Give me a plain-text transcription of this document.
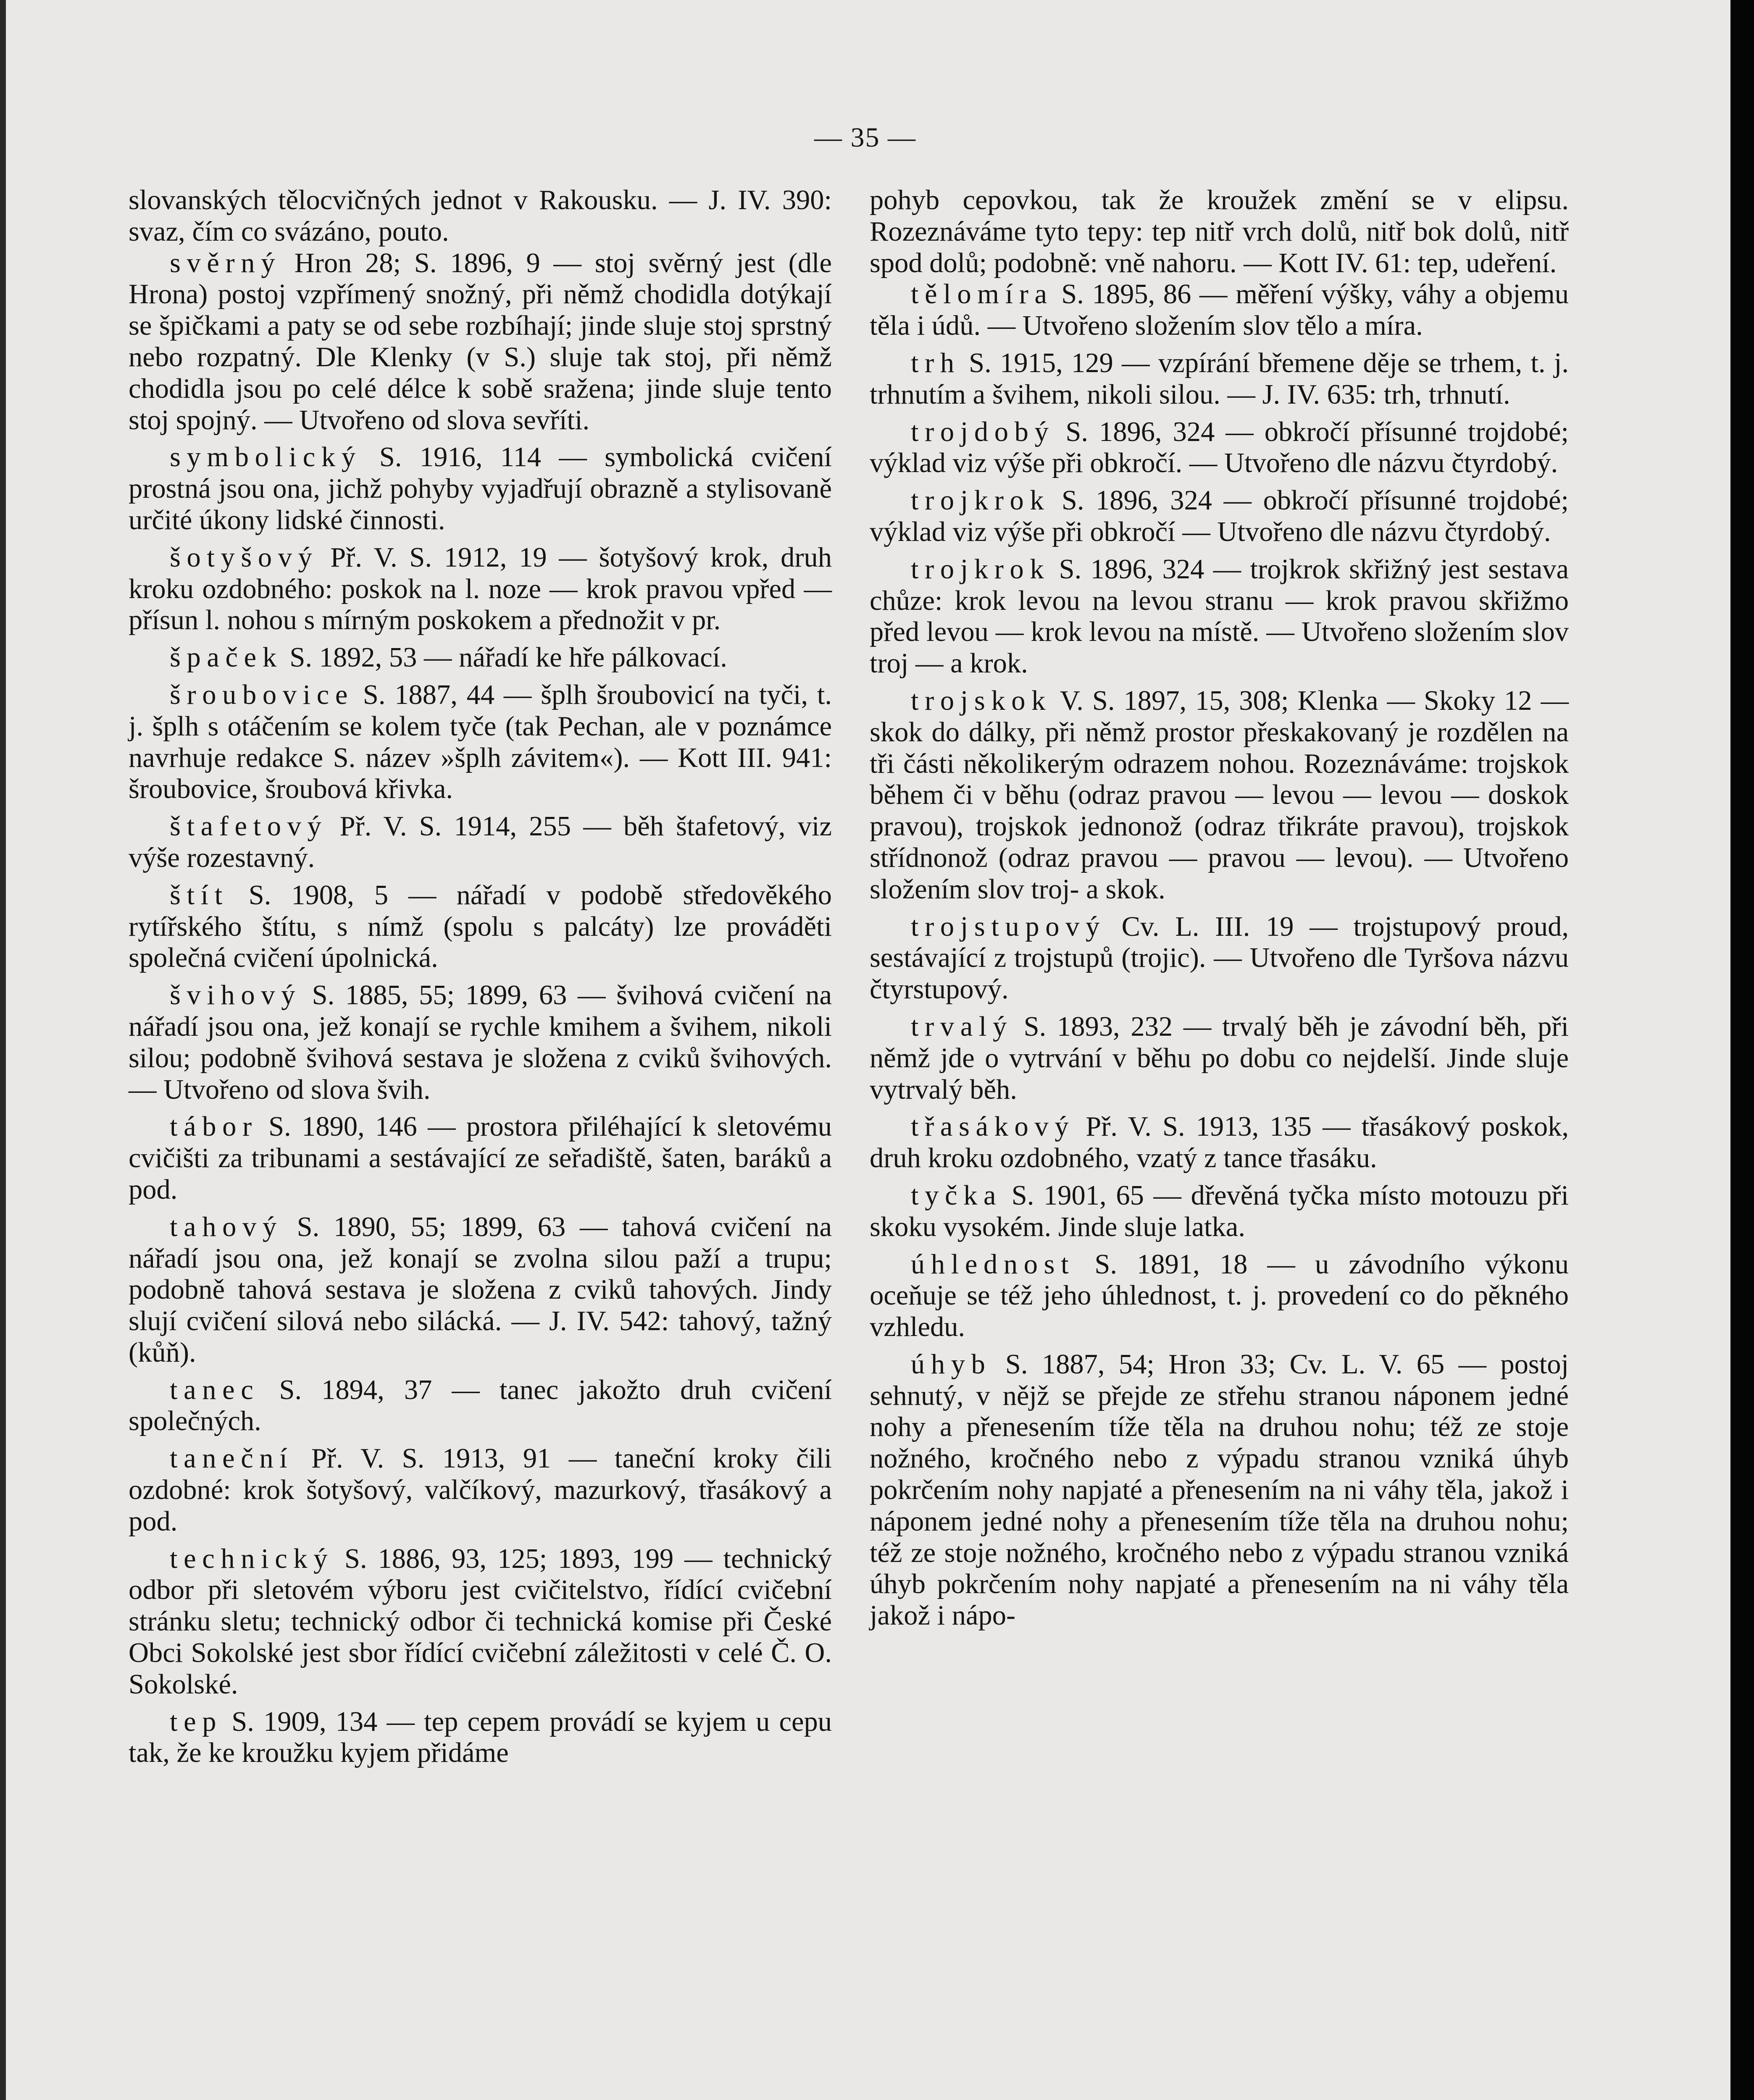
— 35 —

slovanských tělocvičných jednot v Rakousku. — J. IV. 390: svaz, čím co svázáno, pouto.

svěrný Hron 28; S. 1896, 9 — stoj svěrný jest (dle Hrona) postoj vzpřímený snožný, při němž chodidla dotýkají se špičkami a paty se od sebe rozbíhají; jinde sluje stoj sprstný nebo rozpatný. Dle Klenky (v S.) sluje tak stoj, při němž chodidla jsou po celé délce k sobě sražena; jinde sluje tento stoj spojný. — Utvořeno od slova sevříti.

symbolický S. 1916, 114 — symbolická cvičení prostná jsou ona, jichž pohyby vyjadřují obrazně a stylisovaně určité úkony lidské činnosti.

šotyšový Př. V. S. 1912, 19 — šotyšový krok, druh kroku ozdobného: poskok na l. noze — krok pravou vpřed — přísun l. nohou s mírným poskokem a přednožit v pr.

špaček S. 1892, 53 — nářadí ke hře pálkovací.

šroubovice S. 1887, 44 — šplh šroubovicí na tyči, t. j. šplh s otáčením se kolem tyče (tak Pechan, ale v poznámce navrhuje redakce S. název »šplh závitem«). — Kott III. 941: šroubovice, šroubová křivka.

štafetový Př. V. S. 1914, 255 — běh štafetový, viz výše rozestavný.

štít S. 1908, 5 — nářadí v podobě středověkého rytířského štítu, s nímž (spolu s palcáty) lze prováděti společná cvičení úpolnická.

švihový S. 1885, 55; 1899, 63 — švihová cvičení na nářadí jsou ona, jež konají se rychle kmihem a švihem, nikoli silou; podobně švihová sestava je složena z cviků švihových. — Utvořeno od slova švih.

tábor S. 1890, 146 — prostora přiléhající k sletovému cvičišti za tribunami a sestávající ze seřadiště, šaten, baráků a pod.

tahový S. 1890, 55; 1899, 63 — tahová cvičení na nářadí jsou ona, jež konají se zvolna silou paží a trupu; podobně tahová sestava je složena z cviků tahových. Jindy slují cvičení silová nebo silácká. — J. IV. 542: tahový, tažný (kůň).

tanec S. 1894, 37 — tanec jakožto druh cvičení společných.

taneční Př. V. S. 1913, 91 — taneční kroky čili ozdobné: krok šotyšový, valčíkový, mazurkový, třasákový a pod.

technický S. 1886, 93, 125; 1893, 199 — technický odbor při sletovém výboru jest cvičitelstvo, řídící cvičební stránku sletu; technický odbor či technická komise při České Obci Sokolské jest sbor řídící cvičební záležitosti v celé Č. O. Sokolské.

tep S. 1909, 134 — tep cepem provádí se kyjem u cepu tak, že ke kroužku kyjem přidáme

pohyb cepovkou, tak že kroužek změní se v elipsu. Rozeznáváme tyto tepy: tep nitř vrch dolů, nitř bok dolů, nitř spod dolů; podobně: vně nahoru. — Kott IV. 61: tep, udeření.

tělomíra S. 1895, 86 — měření výšky, váhy a objemu těla i údů. — Utvořeno složením slov tělo a míra.

trh S. 1915, 129 — vzpírání břemene děje se trhem, t. j. trhnutím a švihem, nikoli silou. — J. IV. 635: trh, trhnutí.

trojdobý S. 1896, 324 — obkročí přísunné trojdobé; výklad viz výše při obkročí. — Utvořeno dle názvu čtyrdobý.

trojkrok S. 1896, 324 — obkročí přísunné trojdobé; výklad viz výše při obkročí — Utvořeno dle názvu čtyrdobý.

trojkrok S. 1896, 324 — trojkrok skřižný jest sestava chůze: krok levou na levou stranu — krok pravou skřižmo před levou — krok levou na místě. — Utvořeno složením slov troj — a krok.

trojskok V. S. 1897, 15, 308; Klenka — Skoky 12 — skok do dálky, při němž prostor přeskakovaný je rozdělen na tři části několikerým odrazem nohou. Rozeznáváme: trojskok během či v běhu (odraz pravou — levou — levou — doskok pravou), trojskok jednonož (odraz třikráte pravou), trojskok střídnonož (odraz pravou — pravou — levou). — Utvořeno složením slov troj- a skok.

trojstupový Cv. L. III. 19 — trojstupový proud, sestávající z trojstupů (trojic). — Utvořeno dle Tyršova názvu čtyrstupový.

trvalý S. 1893, 232 — trvalý běh je závodní běh, při němž jde o vytrvání v běhu po dobu co nejdelší. Jinde sluje vytrvalý běh.

třasákový Př. V. S. 1913, 135 — třasákový poskok, druh kroku ozdobného, vzatý z tance třasáku.

tyčka S. 1901, 65 — dřevěná tyčka místo motouzu při skoku vysokém. Jinde sluje latka.

úhlednost S. 1891, 18 — u závodního výkonu oceňuje se též jeho úhlednost, t. j. provedení co do pěkného vzhledu.

úhyb S. 1887, 54; Hron 33; Cv. L. V. 65 — postoj sehnutý, v nějž se přejde ze střehu stranou náponem jedné nohy a přenesením tíže těla na druhou nohu; též ze stoje nožného, kročného nebo z výpadu stranou vzniká úhyb pokrčením nohy napjaté a přenesením na ni váhy těla, jakož i náponem jedné nohy a přenesením tíže těla na druhou nohu; též ze stoje nožného, kročného nebo z výpadu stranou vzniká úhyb pokrčením nohy napjaté a přenesením na ni váhy těla jakož i nápo-
